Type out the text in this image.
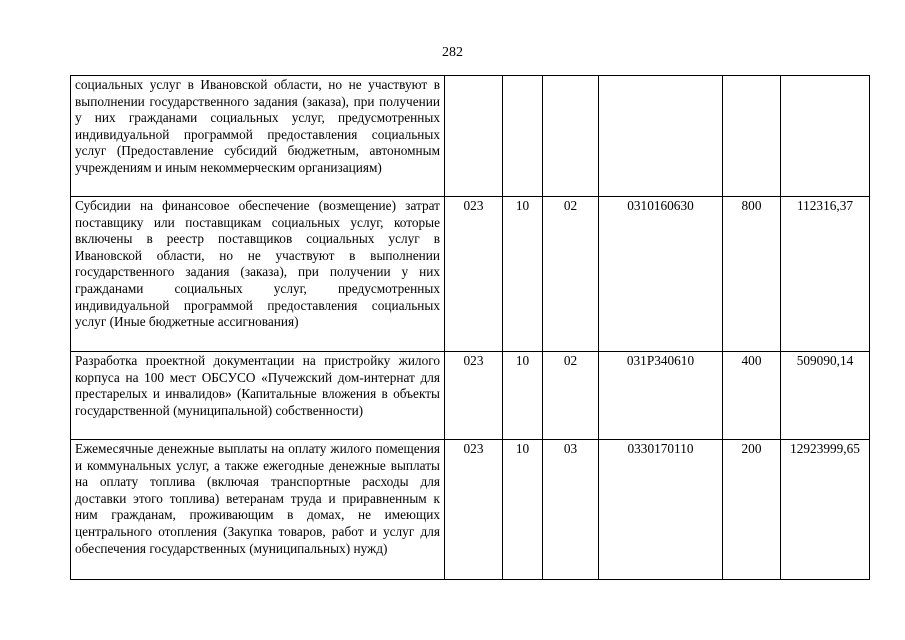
282
социальных услуг в Ивановской области, но не участвуют в выполнении государственного задания (заказа), при получении у них гражданами социальных услуг, предусмотренных индивидуальной программой предоставления социальных услуг (Предоставление субсидий бюджетным, автономным учреждениям и иным некоммерческим организациям)						
Субсидии на финансовое обеспечение (возмещение) затрат поставщику или поставщикам социальных услуг, которые включены в реестр поставщиков социальных услуг в Ивановской области, но не участвуют в выполнении государственного задания (заказа), при получении у них гражданами социальных услуг, предусмотренных индивидуальной программой предоставления социальных услуг (Иные бюджетные ассигнования)	023	10	02	0310160630	800	112316,37
Разработка проектной документации на пристройку жилого корпуса на 100 мест ОБСУСО «Пучежский дом-интернат для престарелых и инвалидов» (Капитальные вложения в объекты государственной (муниципальной) собственности)	023	10	02	031P340610	400	509090,14
Ежемесячные денежные выплаты на оплату жилого помещения и коммунальных услуг, а также ежегодные денежные выплаты на оплату топлива (включая транспортные расходы для доставки этого топлива) ветеранам труда и приравненным к ним гражданам, проживающим в домах, не имеющих центрального отопления (Закупка товаров, работ и услуг для обеспечения государственных (муниципальных) нужд)	023	10	03	0330170110	200	12923999,65
